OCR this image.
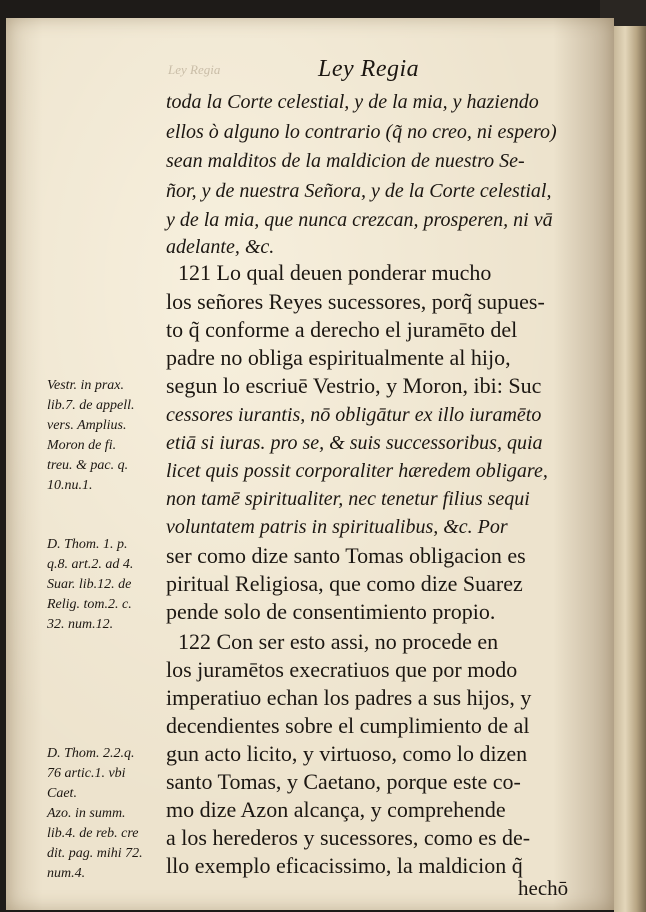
Ley Regia	Ley Regia
toda la Corte celestial, y de la mia, y haziendo
ellos ò alguno lo contrario (q̃ no creo, ni espero)
sean malditos de la maldicion de nuestro Se-
ñor, y de nuestra Señora, y de la Corte celestial,
y de la mia, que nunca crezcan, prosperen, ni vā
adelante, &c.
121 Lo qual deuen ponderar mucho
los señores Reyes sucessores, porq̃ supues-
to q̃ conforme a derecho el juramēto del
padre no obliga espiritualmente al hijo,
segun lo escriuē Vestrio, y Moron, ibi: Suc
cessores iurantis, nō obligātur ex illo iuramēto
etiā si iuras. pro se, & suis successoribus, quia
licet quis possit corporaliter hæredem obligare,
non tamē spiritualiter, nec tenetur filius sequi
voluntatem patris in spiritualibus, &c. Por
ser como dize santo Tomas obligacion es
piritual Religiosa, que como dize Suarez
pende solo de consentimiento propio.
122 Con ser esto assi, no procede en
los juramētos execratiuos que por modo
imperatiuo echan los padres a sus hijos, y
decendientes sobre el cumplimiento de al
gun acto licito, y virtuoso, como lo dizen
santo Tomas, y Caetano, porque este co-
mo dize Azon alcança, y comprehende
a los herederos y sucessores, como es de-
llo exemplo eficacissimo, la maldicion q̃
hechō
Vestr. in prax.
lib.7. de appell.
vers. Amplius.
Moron de fi.
treu. & pac. q.
10.nu.1.
D. Thom. 1. p.
q.8. art.2. ad 4.
Suar. lib.12. de
Relig. tom.2. c.
32. num.12.
D. Thom. 2.2.q.
76 artic.1. vbi
Caet.
Azo. in summ.
lib.4. de reb. cre
dit. pag. mihi 72.
num.4.
